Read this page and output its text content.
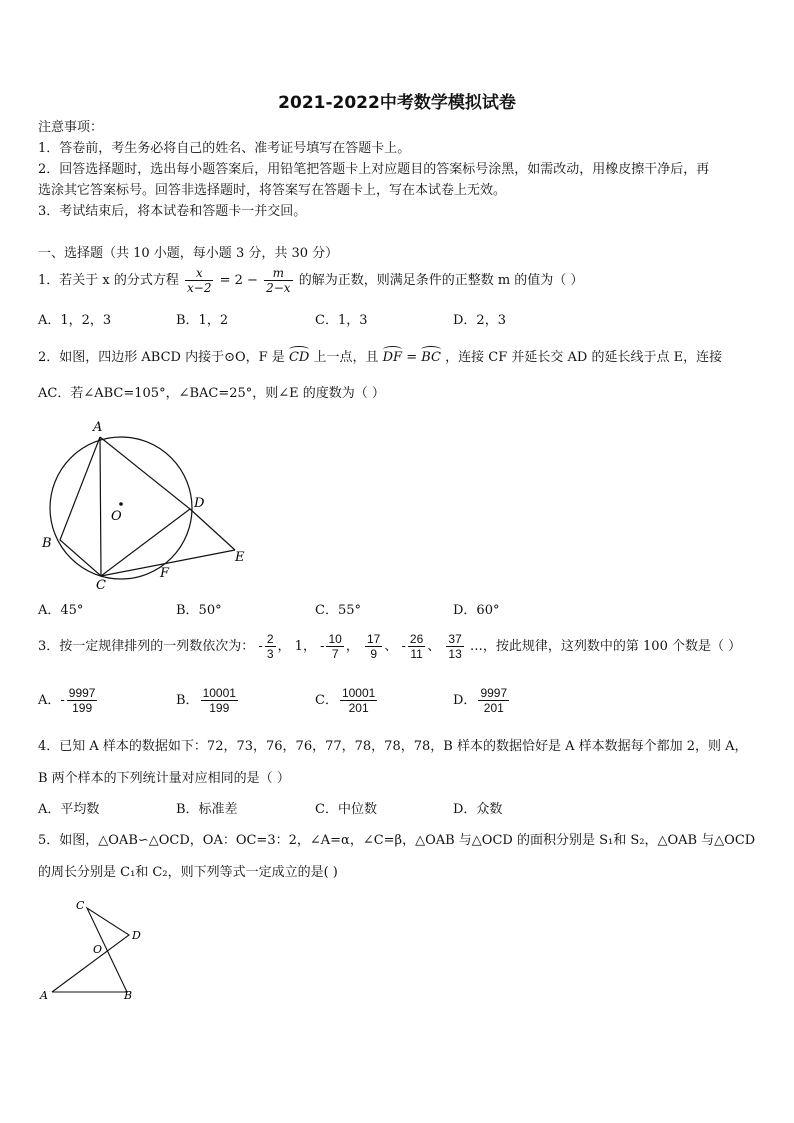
2021-2022中考数学模拟试卷
注意事项：
1．答卷前，考生务必将自己的姓名、准考证号填写在答题卡上。
2．回答选择题时，选出每小题答案后，用铅笔把答题卡上对应题目的答案标号涂黑，如需改动，用橡皮擦干净后，再
选涂其它答案标号。回答非选择题时，将答案写在答题卡上，写在本试卷上无效。
3．考试结束后，将本试卷和答题卡一并交回。
一、选择题（共 10 小题，每小题 3 分，共 30 分）
1．若关于 x 的分式方程 $\frac{x}{x-2} = 2 - \frac{m}{2-x}$ 的解为正数，则满足条件的正整数 m 的值为（ ）
A．1，2，3	B．1，2	C．1，3	D．2，3
2．如图，四边形 ABCD 内接于⊙O，F 是 CD 上一点，且 DF = BC ，连接 CF 并延长交 AD 的延长线于点 E，连接
AC．若∠ABC=105°，∠BAC=25°，则∠E 的度数为（ ）
A
B
C
D
E
F
O
A．45°	B．50°	C．55°	D．60°
3．按一定规律排列的一列数依次为： - $\frac{2}{3}$ ， 1， - $\frac{10}{7}$ ， $\frac{17}{9}$ 、 - $\frac{26}{11}$ 、 $\frac{37}{13}$ …，按此规律，这列数中的第 100 个数是（ ）
A．- $\frac{9997}{199}$	B． $\frac{10001}{199}$	C． $\frac{10001}{201}$	D． $\frac{9997}{201}$
4．已知 A 样本的数据如下：72，73，76，76，77，78，78，78，B 样本的数据恰好是 A 样本数据每个都加 2，则 A，
B 两个样本的下列统计量对应相同的是（ ）
A．平均数	B．标准差	C．中位数	D．众数
5．如图，△OAB∽△OCD，OA：OC=3：2，∠A=α，∠C=β，△OAB 与△OCD 的面积分别是 S₁和 S₂，△OAB 与△OCD
的周长分别是 C₁和 C₂，则下列等式一定成立的是( )
A	B
C
D
O
